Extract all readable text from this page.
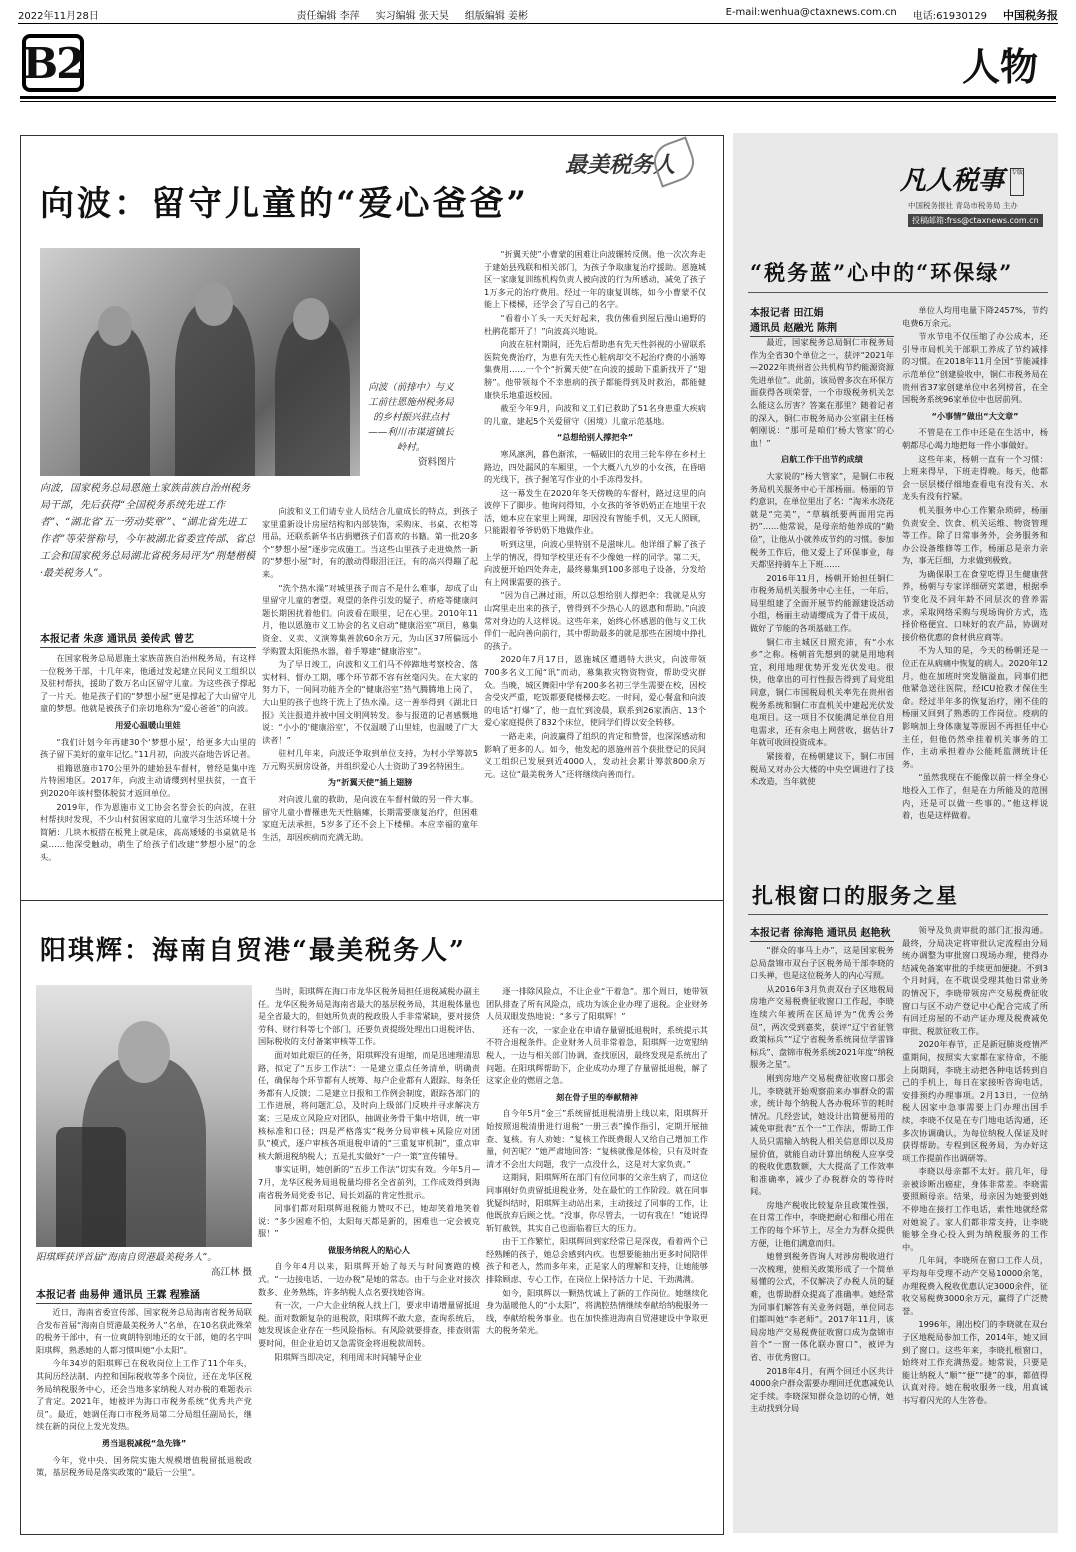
2022年11月28日	责任编辑 李萍 实习编辑 张天昊 组版编辑 姜彬	E-mail:wenhua@ctaxnews.com.cn 电话:61930129 中国税务报
B2	人物
最美税务人
向波：留守儿童的“爱心爸爸”
向波（前排中）与义工前往恩施州税务局的乡村振兴驻点村——利川市谋道镇长岭村。
资料图片
向波，国家税务总局恩施土家族苗族自治州税务局干部，先后获得“全国税务系统先进工作者”、“湖北省‘五一劳动奖章’”、“湖北省先进工作者”等荣誉称号，今年被湖北省委宣传部、省总工会和国家税务总局湖北省税务局评为“荆楚楷模·最美税务人”。
本报记者 朱彦 通讯员 姜传武 曾艺

在国家税务总局恩施土家族苗族自治州税务局，有这样一位税务干部，十几年来，他通过发起建立民间义工组织以及驻村帮扶，援助了数万名山区留守儿童。为这些孩子撑起了一片天。他是孩子们的“梦想小屋”更是撑起了大山留守儿童的梦想。他就是被孩子们亲切地称为“爱心爸爸”的向波。

用爱心温暖山里娃

“我们计划今年再建30个‘梦想小屋’，给更多大山里的孩子留下美好的童年记忆。”11月初，向波兴奋地告诉记者。

祖籍恩施市170公里外的建始县车督村，曾经是集中连片特困地区。2017年，向波主动请缨到村里扶贫，一直干到2020年该村整体脱贫才返回单位。

2019年，作为恩施市义工协会名誉会长的向波，在驻村帮扶时发现，不少山村贫困家庭的儿童学习生活环境十分简陋：几块木板搭在板凳上就是床，高高矮矮的书桌就是书桌……他深受触动，萌生了给孩子们改建“梦想小屋”的念头。

向波和义工们请专业人员结合儿童成长的特点，到孩子家里重新设计房屋结构和内部装饰，采购床、书桌、衣柜等用品，还联系新华书店捐赠孩子们喜欢的书籍。第一批20多个“梦想小屋”逐步完成施工。当这些山里孩子走进焕然一新的“梦想小屋”时，有的激动得眼泪汪汪，有的高兴得蹦了起来。

“洗个热水澡”对城里孩子而言不是什么难事，却成了山里留守儿童的奢望。观望的条件引发的疑子、疥疮等健康问题长期困扰着他们。向波看在眼里，记在心里。2010年11月，他以恩施市义工协会的名义启动“健康浴室”项目，募集资金、义卖、义演筹集善款60余万元，为山区37所偏远小学购置太阳能热水器，着手筹建“健康浴室”。

为了早日竣工，向波和义工们马不停蹄地考察校舍、落实材料、督办工期，哪个环节都不容有丝毫闪失。在大家的努力下，一间间功能齐全的“健康浴室”热气腾腾地上岗了，大山里的孩子也终于洗上了热水澡。这一善举得到《湖北日报》关注报道并被中国文明网转发。参与报道的记者感慨地说：“小小的‘健康浴室’，不仅温暖了山里娃，也温暖了广大读者！”

驻村几年来，向波还争取到单位支持，为村小学筹款5万元购买厨房设备，并组织爱心人士资助了39名特困生。

为“折翼天使”插上翅膀

对向波儿童的救助，是向波在车督村做的另一件大事。留守儿童小曹罹患先天性脑瘫，长期需要康复治疗，但困难家庭无法承担，5岁多了还不会上下楼梯。本应幸福的童年生活，却因疾病而充满无助。

“折翼天使”小曹蒙的困难让向波辗转反侧。他一次次奔走于建始县残联和相关部门，为孩子争取康复治疗援助。恩施城区一家康复训练机构负责人被向波的行为所感动，减免了孩子1万多元的治疗费用。经过一年的康复训练，如今小曹蒙不仅能上下楼梯，还学会了写自己的名字。

“看着小丫头一天天好起来，我仿佛看到屋后漫山遍野的杜鹃花都开了！”向波高兴地说。

向波在驻村期间，还先后帮助患有先天性斜视的小留联系医院免费治疗，为患有先天性心脏病却交不起治疗费的小涵筹集费用……一个个“折翼天使”在向波的援助下重新找开了“翅膀”。他带领每个不幸患病的孩子都能得到及时救治，都能健康快乐地重返校园。

截至今年9月，向波和义工们已救助了51名身患重大疾病的儿童，建起5个关爱留守（困境）儿童示范基地。

“总想给别人撑把伞”

寒风凛冽，暮色渐浓，一幅破旧的农用三轮车停在乡村土路边，四处漏风的车厢里，一个大概八九岁的小女孩，在昏暗的光线下，孩子握笔写作业的小手冻得发抖。

这一幕发生在2020年冬天傍晚的车督村，路过这里的向波停下了脚步。他询问得知，小女孩的爷爷奶奶正在地里干农活，她本应在家里上网课，却因没有智能手机，又无人照顾，只能跟着爷爷奶奶下地做作业。

听到这里，向波心里特别不是滋味儿。他详细了解了孩子上学的情况，得知学校里还有不少像她一样的同学。第二天，向波便开始四处奔走，最终募集到100多部电子设备，分发给有上网课需要的孩子。

“因为自己淋过雨，所以总想给别人撑把伞：我就是从穷山窝里走出来的孩子，曾得到不少热心人的恩惠和帮助。”向波常对身边的人这样说。这些年来，始终心怀感恩的他与义工伙伴们一起向善向前行，其中帮助最多的就是那些在困境中挣扎的孩子。

2020年7月17日，恩施城区遭遇特大洪灾，向波带领700多名义工闻“讯”而动，募集救灾物资物资，帮助受灾群众。当晚，城区舞阳中学有200多名初三学生需要在校，因校舍受灾严重，吃饭都要爬楼梯去吃。一时间，爱心餐盒和向波的电话“打爆”了，他一直忙到凌晨，联系到26家酒店、13个爱心家庭提供了832个床位，使同学们得以安全转移。

一路走来，向波赢得了组织的肯定和赞誉，也深深感动和影响了更多的人。如今，他发起的恩施州首个获批登记的民间义工组织已发展到近4000人，发动社会累计筹款800余万元。这位“最美税务人”还将继续向善而行。

阳琪辉：海南自贸港“最美税务人”
阳琪辉获评首届“海南自贸港最美税务人”。
高江林 摄
本报记者 曲易伸 通讯员 王霖 程雅涵

近日，海南省委宣传部、国家税务总局海南省税务局联合发布首届“海南自贸港最美税务人”名单，在10名获此殊荣的税务干部中，有一位爽朗特别地还的女干部，她的名字叫阳琪辉，熟悉她的人都习惯叫她“小太阳”。

今年34岁的阳琪辉已在税收岗位上工作了11个年头，其间历经法制、内控和国际税收等多个岗位，还在龙华区税务局纳税服务中心，还会当地多家纳税人对办税的难题表示了肯定。2021年，她被评为海口市税务系统“优秀共产党员”。最近，她调任海口市税务局第二分局组任副局长，继续在新的岗位上发光发热。

勇当退税减税“急先锋”

今年，党中央、国务院实施大规模增值税留抵退税政策，基层税务局是落实政策的“最后一公里”。

当时，阳琪辉在海口市龙华区税务局担任退税减税办副主任。龙华区税务局是海南省最大的基层税务局，其退税体量也是全省最大的，但她所负责的税政股人手非常紧缺，要对接贷劳科、财行科等七个部门，还要负责提级处理出口退税评估、国际税收的支付备案审核等工作。

面对如此艰巨的任务，阳琪辉没有退缩，而是迅速理清思路，拟定了“五步工作法”：一是建立重点任务清单，明确责任，确保每个环节都有人统筹、每户企业都有人跟踪、每条任务都有人反馈；二是建立日报和工作例会制度，跟踪各部门的工作进展，将问题汇总，及时向上级部门反映并寻求解决方案；三是成立风险应对团队，抽调业务骨干集中培训，统一审核标准和口径；四是严格落实“税务分局审核+风险应对团队”模式，逐户审核各项退税申请的“三重复审机制”，重点审核大额退税纳税人；五是扎实做好“一户一策”宣传辅导。

事实证明，她创新的“五步工作法”切实有效。今年5月—7月，龙华区税务局退税量均排名全省前列，工作成效得到海南省税务局党委书记、局长刘磊的肯定性批示。

同事们都对阳琪辉退税能力赞叹不已，她却笑着地笑着说：“多少困难不怕，太阳每天都是新的，困难也一定会被克服！”

做服务纳税人的贴心人

自今年4月以来，阳琪辉开始了每天与时间赛跑的模式。“一边接电话、一边办税”是她的常态。由于与企业对接次数多、业务熟练，许多纳税人点名要找她咨询。

有一次，一户大企业纳税人找上门，要求申请增量留抵退税。面对数额复杂的退税款，阳琪辉不敢大意，查询系统后，她发现该企业存在一些风险指标。有风险就要排查，排查则需要时间，但企业迫切又急需资金将退税款周转。

阳琪辉当即决定，利用周末时间辅导企业

逐一排除风险点，不让企业“干着急”。那个周日，她带领团队排查了所有风险点，成功为该企业办理了退税。企业财务人员双眼发热地说：“多亏了阳琪辉！”

还有一次，一家企业在申请存量留抵退税时，系统提示其不符合退税条件。企业财务人员非常着急，阳琪辉一边宽慰纳税人，一边与相关部门协调，查找原因，最终发现是系统出了问题。在阳琪辉帮助下，企业成功办理了存量留抵退税，解了这家企业的燃眉之急。

刻在骨子里的奉献精神

自今年5月“金三”系统留抵退税清册上线以来，阳琪辉开始按照退税清册进行退税“一册三表”操作指引，定期开展抽查、复核。有人劝她：“复核工作既费眼人又给自己增加工作量，何苦呢？”她严肃地回答：“复核就像是体检，只有及时查清才不会出大问题，我宁一点没什么，这是对大家负责。”

这期间，阳琪辉所在部门有位同事的父亲生病了，而这位同事刚好负责留抵退税业务，处在最忙的工作阶段。就在同事犹疑纠结时，阳琪辉主动站出来，主动接过了同事的工作，让他既放弃后顾之忧。“没事，你尽管去，一切有我在！”她说得斩钉截铁，其实自己也面临着巨大的压力。

由于工作繁忙，阳琪辉回到家经常已是深夜，看着两个已经熟睡的孩子，她总会感到内疚。也想要能抽出更多时间陪伴孩子和老人，然而多年来，正是家人的理解和支持，让她能够排除顾虑、专心工作，在岗位上保持活力十足、干劲满满。

如今，阳琪辉以一颗热忱诚上了新的工作岗位。她继续化身为温暖他人的“小太阳”，将满腔热情继续奉献给纳税服务一线，奉献给税务事业。也在加快推进海南自贸港建设中争取更大的税务荣光。

凡人税事	专版
中国税务报社 青岛市税务局 主办
投稿邮箱:frss@ctaxnews.com.cn
“税务蓝”心中的“环保绿”
本报记者 田江娟
通讯员 赵融光 陈荆

最近，国家税务总局铜仁市税务局作为全省30个单位之一，获评“2021年—2022年贵州省公共机构节约能源资源先进单位”。此前，该局曾多次在环保方面获得各项荣誉，一个市级税务机关怎么能这么厉害？答案在那里？随着记者的深入，铜仁市税务局办公室副主任杨朝刚说：“那可是咱们‘杨大管家’的心血！”

启航工作干出节约成绩

大家说的“杨大管家”，是铜仁市税务局机关服务中心干部杨丽。杨丽的节约意识，在单位里出了名：“淘米水浇花就是“完美”，“草稿纸要两面用完再扔”……他常说，是母亲给他养成的“勤俭”，让他从小就养成节约的习惯。参加税务工作后，他又爱上了环保事业，每天都坚持骑车上下班……

2016年11月，杨朝开始担任铜仁市税务局机关服务中心主任，一年后，局里组建了全面开展节约能源建设活动小组，杨丽主动请缨成为了骨干成员，做好了节能的各项基础工作。

铜仁市主城区日照充沛，有“小水乡”之称。杨朝首先想到的就是用地利宜，利用地理优势开发光伏发电。很快，他拿出的可行性报告得到了局党组同意，铜仁市国税局机关率先在贵州省税务系统和铜仁市直机关中建起光伏发电项目。这一项目不仅能满足单位自用电需求，还有余电上网营收，据估计7年就可收回投资成本。

紧接着，在杨朝建议下，铜仁市国税局又对办公大楼的中央空调进行了技术改造，当年就使

单位人均用电量下降2457%，节约电费6万余元。

节水节电不仅压缩了办公成本，还引导市局机关干部职工养成了节约减排的习惯。在2018年11月全国“节能减排示范单位”创建验收中，铜仁市税务局在贵州省37家创建单位中名列榜首，在全国税务系统96家单位中也居前列。

“小事情”做出“大文章”

不管是在工作中还是在生活中，杨朝都尽心竭力地把每一件小事做好。

这些年来，杨朝一直有一个习惯：上班来得早，下班走得晚。每天，他都会一层层楼仔细地查看电有没有关、水龙头有没有拧紧。

机关服务中心工作繁杂琐碎，杨丽负责安全、饮食、机关运维、物资管理等工作。除了日常事务外，会务服务和办公设备维修等工作，杨丽总是亲力亲为，事无巨细，力求做到极致。

为确保职工在食堂吃得卫生健康营养，杨朝与专家详细研究菜谱，根据季节变化及不同年龄不同层次的营养需求，采取网络采购与现场询价方式，选择价格便宜、口味好的农产品，协调对接价格优惠的食材供应商等。

不为人知的是，今天的杨朝还是一位正在从病痛中恢复的病人。2020年12月，他在加班时突发脑溢血，同事们把他紧急送往医院，经ICU抢救才保住生命。经过半年多的恢复治疗，刚不佳的杨丽又回到了熟悉的工作岗位。疫病的影响加上身体康复等原因不再担任中心主任，但他仍然牵挂着机关事务的工作，主动承担着办公能耗监测统计任务。

“虽然我现在不能像以前一样全身心地投入工作了，但是在力所能及的范围内，还是可以做一些事的。”他这样说着，也是这样做着。

扎根窗口的服务之星
本报记者 徐海艳 通讯员 赵艳秋

“群众的事马上办”，这是国家税务总局盘锦市双台子区税务局干部李晓的口头禅，也是这位税务人的内心写照。

从2016年3月负责双台子区地税局房地产交易税费征收窗口工作起，李晓连续六年被所在区局评为“优秀公务员”，两次受到嘉奖，获评“辽宁省征管政策标兵”“辽宁省税务系统岗位学雷锋标兵”、盘锦市税务系统2021年度“纳税服务之星”。

刚到房地产交易税费征收窗口那会儿，李晓就开始观察前来办事群众的需求，统计每个纳税人各办税环节的耗时情况。几经尝试，她设计出简便易用的减免审批表“五个一”工作法，帮助工作人员只需输入纳税人相关信息即以及房屋价值，就能自动计算出纳税人应享受的税收优惠数额，大大提高了工作效率和准确率，减少了办税群众的等待时间。

房地产税收比较复杂且政策性强，在日常工作中，李晓把耐心和细心用在工作的每个环节上，尽全力为群众提供方便，让他们满意而归。

她曾到税务咨询人对涉房税收进行一次梳理，使相关政策形成了一个简单易懂的公式，不仅解决了办税人员的疑难，也帮助群众提高了准确率。她经常为同事们解答有关业务问题，单位同志们都叫她“李老师”。2017年11月，该局房地产交易税费征收窗口成为盘锦市首个“一窗一体化联办窗口”，被评为省、市优秀窗口。

2018年4月，有两个回迁小区共计4000余户群众需要办理回迁优惠减免认定手续。李晓深知群众急切的心情，她主动找到分局

领导及负责审批的部门汇报沟通。最终，分局决定将审批认定流程由分局统办调整为审批窗口现场办理，使得办结减免备案审批的手续更加便捷。不到3个月时间，在不耽误受理其他日常业务的情况下，李晓带领房产交易税费征收窗口与区不动产登记中心配合完成了所有回迁房屋的不动产证办理及税费减免审批、税款征收工作。

2020年春节，正是新冠肺炎疫情严重期间，按照实大家都在家待命，不能上岗期间，李晓主动把各种电话转到自己的手机上，每日在家接听咨询电话，安排预约办理事项。2月13日，一位纳税人因家中急事需要上门办理出国手续，李晓不仅是在专门地电话沟通，还多次协调确认，为每位纳税人保证及时获得帮助。专程到区税务局，为办好这项工作提前作出调研等。

李晓以母亲都不太好。前几年，母亲被诊断出癌症，身体非常差。李晓需要照顾母亲。结果，母亲因为她要到她不停地在接打工作电话，索性地就经常对她说了。家人们都非常支持，让李晓能够全身心投入到为纳税服务的工作中。

几年间，李晓所在窗口工作人员，平均每年受理不动产交易10000余笔，办理税费入税收优惠认定3000余件，征收交易税费3000余万元，赢得了广泛赞誉。

1996年，刚出校门的李晓就在双台子区地税局参加工作，2014年，她又回到了窗口。这些年来，李晓扎根窗口，始终对工作充满热爱。她常说，只要是能让纳税人“顺”“便”“捷”的事，都值得认真对待。她在税收服务一线，用真诚书写着闪光的人生答卷。
